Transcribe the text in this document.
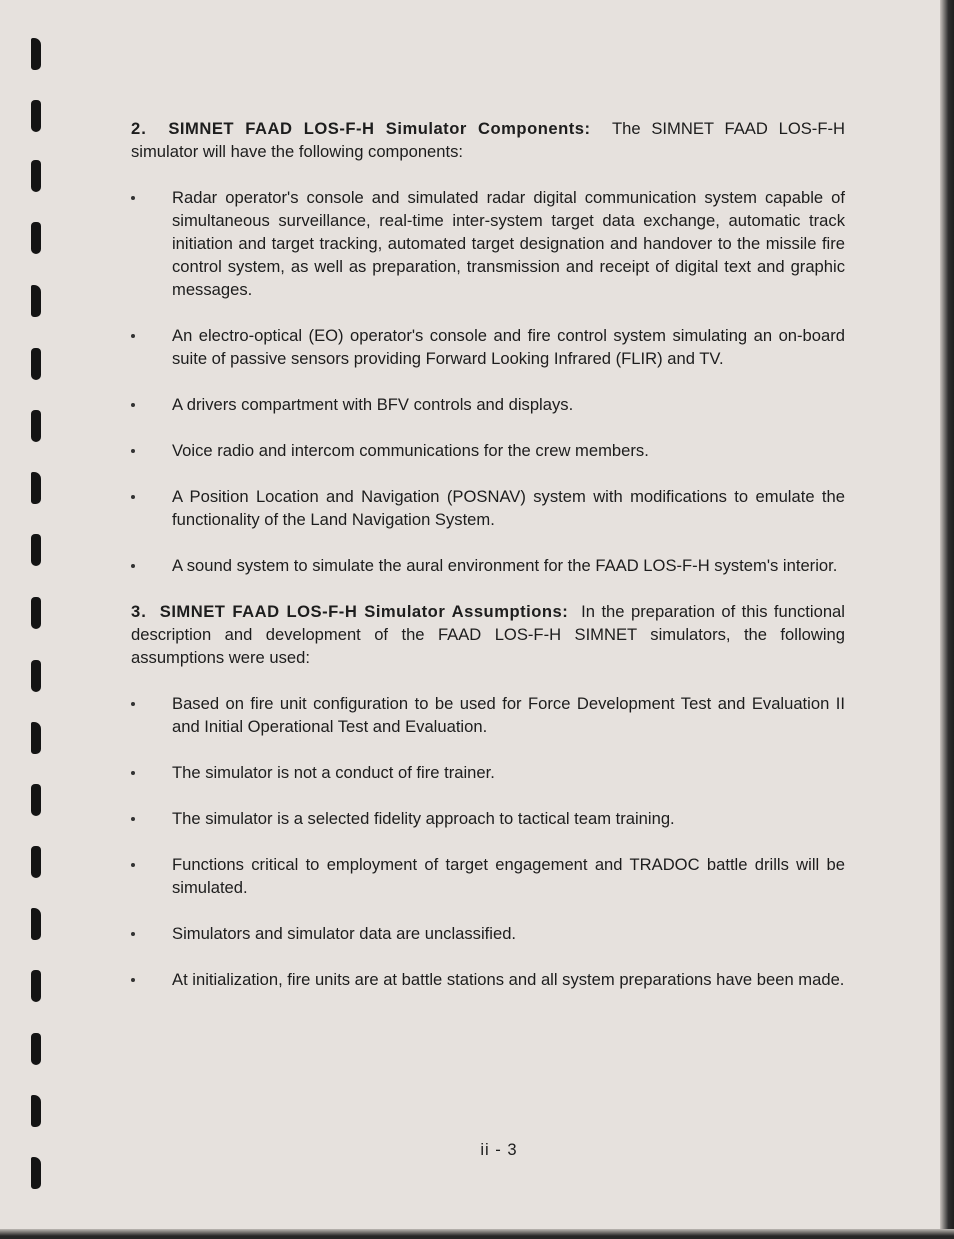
2. SIMNET FAAD LOS-F-H Simulator Components: The SIMNET FAAD LOS-F-H simulator will have the following components:

Radar operator's console and simulated radar digital communication system capable of simultaneous surveillance, real-time inter-system target data exchange, automatic track initiation and target tracking, automated target designation and handover to the missile fire control system, as well as preparation, transmission and receipt of digital text and graphic messages.
An electro-optical (EO) operator's console and fire control system simulating an on-board suite of passive sensors providing Forward Looking Infrared (FLIR) and TV.
A drivers compartment with BFV controls and displays.
Voice radio and intercom communications for the crew members.
A Position Location and Navigation (POSNAV) system with modifications to emulate the functionality of the Land Navigation System.
A sound system to simulate the aural environment for the FAAD LOS-F-H system's interior.

3. SIMNET FAAD LOS-F-H Simulator Assumptions: In the preparation of this functional description and development of the FAAD LOS-F-H SIMNET simulators, the following assumptions were used:

Based on fire unit configuration to be used for Force Development Test and Evaluation II and Initial Operational Test and Evaluation.
The simulator is not a conduct of fire trainer.
The simulator is a selected fidelity approach to tactical team training.
Functions critical to employment of target engagement and TRADOC battle drills will be simulated.
Simulators and simulator data are unclassified.
At initialization, fire units are at battle stations and all system preparations have been made.
ii - 3
